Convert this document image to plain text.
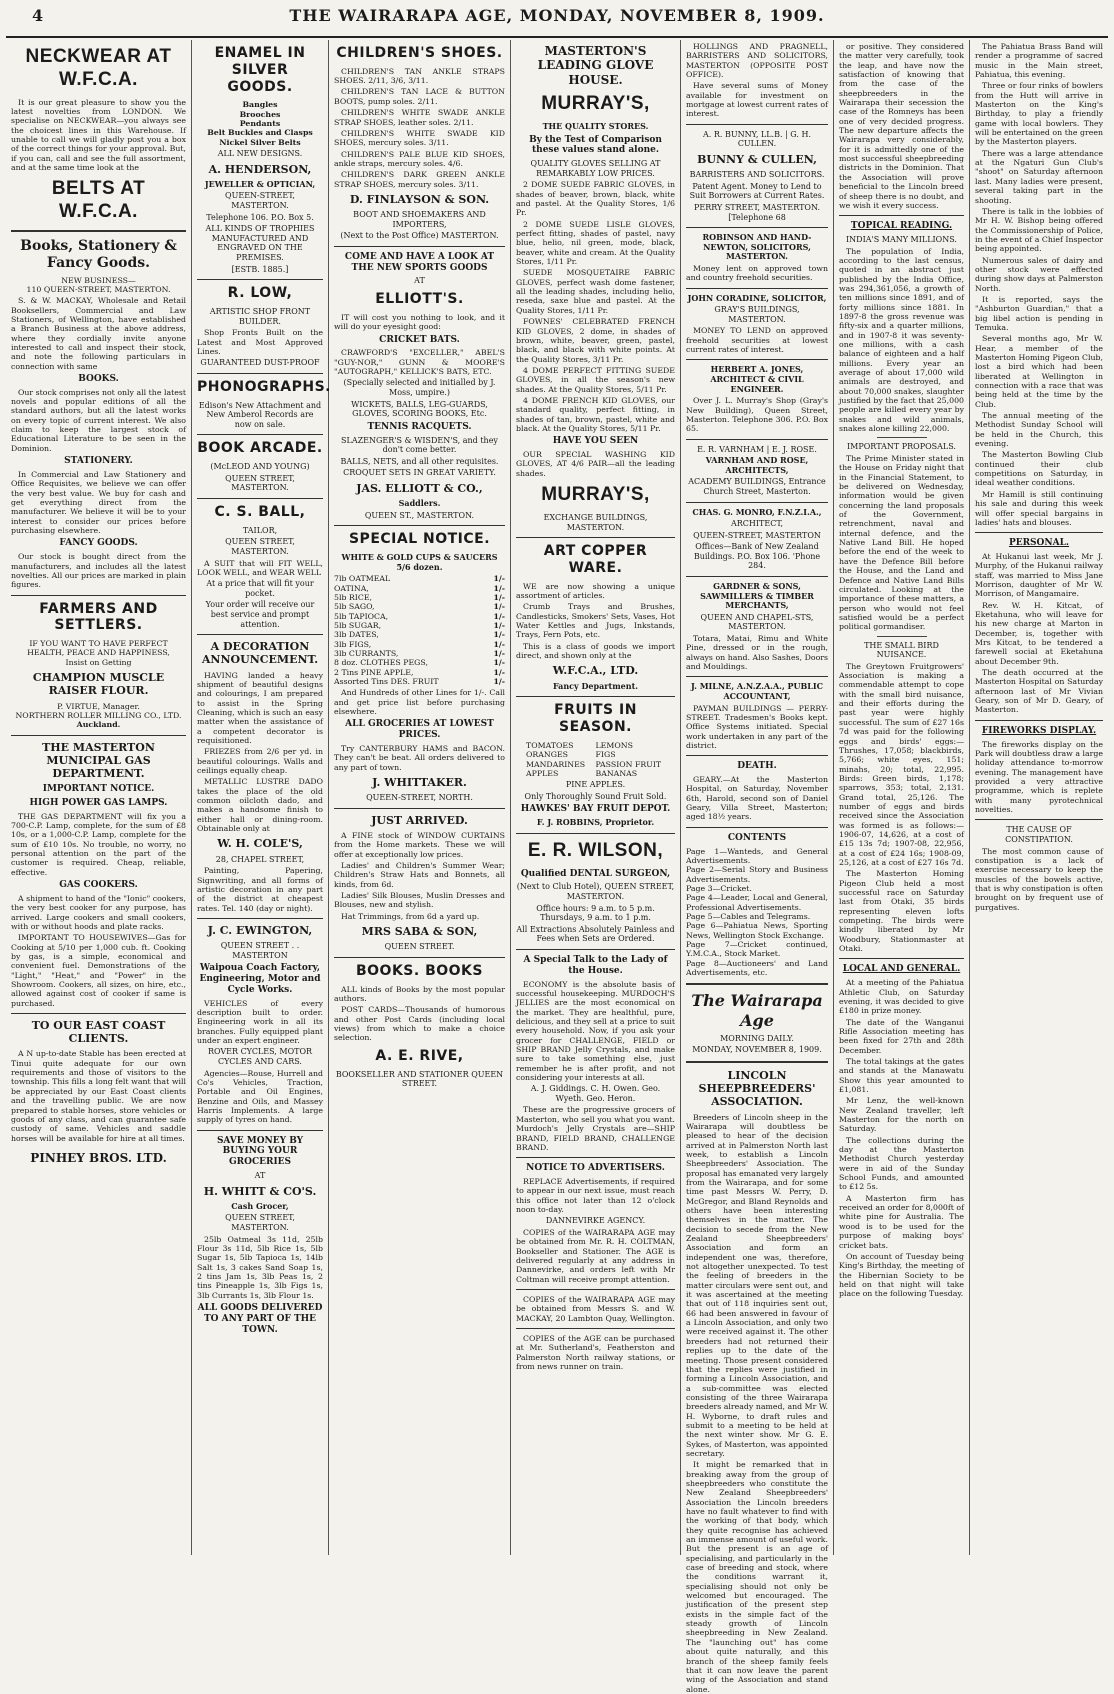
4	THE WAIRARAPA AGE, MONDAY, NOVEMBER 8, 1909.
NECKWEAR AT W.F.C.A.

It is our great pleasure to show you the latest novelties from LONDON. We specialise on NECKWEAR—you always see the choicest lines in this Warehouse. If unable to call we will gladly post you a box of the correct things for your approval. But, if you can, call and see the full assortment, and at the same time look at the

BELTS AT W.F.C.A.
Books, Stationery & Fancy Goods.
NEW BUSINESS—
110 QUEEN-STREET, MASTERTON.

S. & W. MACKAY, Wholesale and Retail Booksellers, Commercial and Law Stationers, of Wellington, have established a Branch Business at the above address, where they cordially invite anyone interested to call and inspect their stock, and note the following particulars in connection with same

BOOKS.

Our stock comprises not only all the latest novels and popular editions of all the standard authors, but all the latest works on every topic of current interest. We also claim to keep the largest stock of Educational Literature to be seen in the Dominion.

STATIONERY.

In Commercial and Law Stationery and Office Requisites, we believe we can offer the very best value. We buy for cash and get everything direct from the manufacturer. We believe it will be to your interest to consider our prices before purchasing elsewhere.

FANCY GOODS.

Our stock is bought direct from the manufacturers, and includes all the latest novelties. All our prices are marked in plain figures.

FARMERS AND SETTLERS.
IF YOU WANT TO HAVE PERFECT HEALTH, PEACE AND HAPPINESS,
Insist on Getting
CHAMPION MUSCLE RAISER FLOUR.
P. VIRTUE, Manager.
NORTHERN ROLLER MILLING CO., LTD.
Auckland.
THE MASTERTON MUNICIPAL GAS DEPARTMENT.
IMPORTANT NOTICE.
HIGH POWER GAS LAMPS.

THE GAS DEPARTMENT will fix you a 700-C.P. Lamp, complete, for the sum of £8 10s, or a 1,000-C.P. Lamp, complete for the sum of £10 10s. No trouble, no worry, no personal attention on the part of the customer is required. Cheap, reliable, effective.

GAS COOKERS.

A shipment to hand of the "Ionic" cookers, the very best cooker for any purpose, has arrived. Large cookers and small cookers, with or without hoods and plate racks.

IMPORTANT TO HOUSEWIVES—Gas for Cooking at 5/10 per 1,000 cub. ft. Cooking by gas, is a simple, economical and convenient fuel. Demonstrations of the "Light," "Heat," and "Power" in the Showroom. Cookers, all sizes, on hire, etc., allowed against cost of cooker if same is purchased.

TO OUR EAST COAST CLIENTS.

A N up-to-date Stable has been erected at Tinui quite adequate for our own requirements and those of visitors to the township. This fills a long felt want that will be appreciated by our East Coast clients and the travelling public. We are now prepared to stable horses, store vehicles or goods of any class, and can guarantee safe custody of same. Vehicles and saddle horses will be available for hire at all times.

PINHEY BROS. LTD.
ENAMEL IN SILVER GOODS.
Bangles
Brooches
Pendants
Belt Buckles and Clasps
Nickel Silver Belts
ALL NEW DESIGNS.
A. HENDERSON,
JEWELLER & OPTICIAN,
QUEEN-STREET, MASTERTON.
Telephone 106. P.O. Box 5.
ALL KINDS OF TROPHIES MANUFACTURED AND ENGRAVED ON THE PREMISES.
[ESTB. 1885.]
R. LOW,
ARTISTIC SHOP FRONT BUILDER.

Shop Fronts Built on the Latest and Most Approved Lines.

GUARANTEED DUST-PROOF
PHONOGRAPHS.
Edison's New Attachment and New Amberol Records are now on sale.
BOOK ARCADE.
(McLEOD AND YOUNG)
QUEEN STREET, MASTERTON.
C. S. BALL,
TAILOR,
QUEEN STREET, MASTERTON.

A SUIT that will FIT WELL, LOOK WELL, and WEAR WELL

At a price that will fit your pocket.
Your order will receive our best service and prompt attention.
A DECORATION ANNOUNCEMENT.

HAVING landed a heavy shipment of beautiful designs and colourings, I am prepared to assist in the Spring Cleaning, which is such an easy matter when the assistance of a competent decorator is requisitioned.

FRIEZES from 2/6 per yd. in beautiful colourings. Walls and ceilings equally cheap.

METALLIC LUSTRE DADO takes the place of the old common oilcloth dado, and makes a handsome finish to either hall or dining-room. Obtainable only at

W. H. COLE'S,
28, CHAPEL STREET,

Painting, Papering, Signwriting, and all forms of artistic decoration in any part of the district at cheapest rates. Tel. 140 (day or night).

J. C. EWINGTON,
QUEEN STREET . . MASTERTON
Waipoua Coach Factory, Engineering, Motor and Cycle Works.

VEHICLES of every description built to order. Engineering work in all its branches. Fully equipped plant under an expert engineer.

ROVER CYCLES, MOTOR CYCLES AND CARS.

Agencies—Rouse, Hurrell and Co's Vehicles, Traction, Portable and Oil Engines, Benzine and Oils, and Massey Harris Implements. A large supply of tyres on hand.

SAVE MONEY BY BUYING YOUR GROCERIES
AT
H. WHITT & CO'S.
Cash Grocer,
QUEEN STREET, MASTERTON.

25lb Oatmeal 3s 11d, 25lb Flour 3s 11d, 5lb Rice 1s, 5lb Sugar 1s, 5lb Tapioca 1s, 14lb Salt 1s, 3 cakes Sand Soap 1s, 2 tins Jam 1s, 3lb Peas 1s, 2 tins Pineapple 1s, 3lb Figs 1s, 3lb Currants 1s, 3lb Flour 1s.

ALL GOODS DELIVERED TO ANY PART OF THE TOWN.
CHILDREN'S SHOES.

CHILDREN'S TAN ANKLE STRAPS SHOES. 2/11, 3/6, 3/11.

CHILDREN'S TAN LACE & BUTTON BOOTS, pump soles. 2/11.

CHILDREN'S WHITE SWADE ANKLE STRAP SHOES, leather soles. 2/11.

CHILDREN'S WHITE SWADE KID SHOES, mercury soles. 3/11.

CHILDREN'S PALE BLUE KID SHOES, ankle straps, mercury soles. 4/6.

CHILDREN'S DARK GREEN ANKLE STRAP SHOES, mercury soles. 3/11.

D. FINLAYSON & SON.
BOOT AND SHOEMAKERS AND IMPORTERS,
(Next to the Post Office) MASTERTON.
COME AND HAVE A LOOK AT THE NEW SPORTS GOODS
AT
ELLIOTT'S.

IT will cost you nothing to look, and it will do your eyesight good:

CRICKET BATS.

CRAWFORD'S "EXCELLER," ABEL'S "GUY-NOR," GUNN & MOORE'S "AUTOGRAPH," KELLICK'S BATS, ETC.

(Specially selected and initialled by J. Moss, umpire.)
WICKETS, BALLS, LEG-GUARDS, GLOVES, SCORING BOOKS, Etc.
TENNIS RACQUETS.
SLAZENGER'S & WISDEN'S, and they don't come better.
BALLS, NETS, and all other requisites.
CROQUET SETS IN GREAT VARIETY.
JAS. ELLIOTT & CO.,
Saddlers.
QUEEN ST., MASTERTON.
SPECIAL NOTICE.
WHITE & GOLD CUPS & SAUCERS 5/6 dozen.
7lb OATMEAL	1/-
OATINA,	1/-
5lb RICE,	1/-
5lb SAGO,	1/-
5lb TAPIOCA,	1/-
5lb SUGAR,	1/-
3lb DATES,	1/-
3lb FIGS,	1/-
3lb CURRANTS,	1/-
8 doz. CLOTHES PEGS,	1/-
2 Tins PINE APPLE,	1/-
Assorted Tins DES. FRUIT	1/-

And Hundreds of other Lines for 1/-. Call and get price list before purchasing elsewhere.

ALL GROCERIES AT LOWEST PRICES.

Try CANTERBURY HAMS and BACON. They can't be beat. All orders delivered to any part of town.

J. WHITTAKER.
QUEEN-STREET, NORTH.
JUST ARRIVED.

A FINE stock of WINDOW CURTAINS from the Home markets. These we will offer at exceptionally low prices.

Ladies' and Children's Summer Wear; Children's Straw Hats and Bonnets, all kinds, from 6d.

Ladies' Silk Blouses, Muslin Dresses and Blouses, new and stylish.

Hat Trimmings, from 6d a yard up.

MRS SABA & SON,
QUEEN STREET.
BOOKS. BOOKS

ALL kinds of Books by the most popular authors.

POST CARDS—Thousands of humorous and other Post Cards (including local views) from which to make a choice selection.

A. E. RIVE,
BOOKSELLER AND STATIONER QUEEN STREET.
MASTERTON'S LEADING GLOVE HOUSE.
MURRAY'S,
THE QUALITY STORES.
By the Test of Comparison these values stand alone.
QUALITY GLOVES SELLING AT REMARKABLY LOW PRICES.

2 DOME SUEDE FABRIC GLOVES, in shades of beaver, brown, black, white and pastel. At the Quality Stores, 1/6 Pr.

2 DOME SUEDE LISLE GLOVES, perfect fitting, shades of pastel, navy blue, helio, nil green, mode, black, beaver, white and cream. At the Quality Stores, 1/11 Pr.

SUEDE MOSQUETAIRE FABRIC GLOVES, perfect wash dome fastener, all the leading shades, including helio, reseda, saxe blue and pastel. At the Quality Stores, 1/11 Pr.

FOWNES' CELEBRATED FRENCH KID GLOVES, 2 dome, in shades of brown, white, beaver, green, pastel, black, and black with white points. At the Quality Stores, 3/11 Pr.

4 DOME PERFECT FITTING SUEDE GLOVES, in all the season's new shades. At the Quality Stores, 5/11 Pr.

4 DOME FRENCH KID GLOVES, our standard quality, perfect fitting, in shades of tan, brown, pastel, white and black. At the Quality Stores, 5/11 Pr.

HAVE YOU SEEN

OUR SPECIAL WASHING KID GLOVES, AT 4/6 PAIR—all the leading shades.

MURRAY'S,
EXCHANGE BUILDINGS, MASTERTON.
ART COPPER WARE.

WE are now showing a unique assortment of articles.

Crumb Trays and Brushes, Candlesticks, Smokers' Sets, Vases, Hot Water Kettles and Jugs, Inkstands, Trays, Fern Pots, etc.

This is a class of goods we import direct, and shown only at the

W.F.C.A., LTD.
Fancy Department.
FRUITS IN SEASON.
TOMATOES	LEMONS
ORANGES	FIGS
MANDARINES	PASSION FRUIT
APPLES	BANANAS
PINE APPLES.
Only Thoroughly Sound Fruit Sold.
HAWKES' BAY FRUIT DEPOT.
F. J. ROBBINS, Proprietor.
E. R. WILSON,
Qualified DENTAL SURGEON,
(Next to Club Hotel), QUEEN STREET, MASTERTON.
Office hours: 9 a.m. to 5 p.m. Thursdays, 9 a.m. to 1 p.m.
All Extractions Absolutely Painless and Fees when Sets are Ordered.
A Special Talk to the Lady of the House.

ECONOMY is the absolute basis of successful housekeeping. MURDOCH'S JELLIES are the most economical on the market. They are healthful, pure, delicious, and they sell at a price to suit every household. Now, if you ask your grocer for CHALLENGE, FIELD or SHIP BRAND Jelly Crystals, and make sure to take something else, just remember he is after profit, and not considering your interests at all.

A. J. Giddings. C. H. Owen. Geo. Wyeth. Geo. Heron.

These are the progressive grocers of Masterton, who sell you what you want. Murdoch's Jelly Crystals are—SHIP BRAND, FIELD BRAND, CHALLENGE BRAND.

NOTICE TO ADVERTISERS.

REPLACE Advertisements, if required to appear in our next issue, must reach this office not later than 12 o'clock noon to-day.

DANNEVIRKE AGENCY.

COPIES of the WAIRARAPA AGE may be obtained from Mr. R. H. COLTMAN, Bookseller and Stationer. The AGE is delivered regularly at any address in Dannevirke, and orders left with Mr Coltman will receive prompt attention.

COPIES of the WAIRARAPA AGE may be obtained from Messrs S. and W. MACKAY, 20 Lambton Quay, Wellington.

COPIES of the AGE can be purchased at Mr. Sutherland's, Featherston and Palmerston North railway stations, or from news runner on train.

HOLLINGS AND PRAGNELL, BARRISTERS AND SOLICITORS, MASTERTON (OPPOSITE POST OFFICE).

Have several sums of Money available for investment on mortgage at lowest current rates of interest.

A. R. BUNNY, LL.B. | G. H. CULLEN.
BUNNY & CULLEN,
BARRISTERS AND SOLICITORS.
Patent Agent. Money to Lend to Suit Borrowers at Current Rates.
PERRY STREET, MASTERTON. [Telephone 68
ROBINSON AND HAND-NEWTON, SOLICITORS, MASTERTON.

Money lent on approved town and country freehold securities.

JOHN CORADINE, SOLICITOR,
GRAY'S BUILDINGS, MASTERTON.

MONEY TO LEND on approved freehold securities at lowest current rates of interest.

HERBERT A. JONES, ARCHITECT & CIVIL ENGINEER.

Over J. L. Murray's Shop (Gray's New Building), Queen Street, Masterton. Telephone 306. P.O. Box 65.

E. R. VARNHAM | E. J. ROSE.
VARNHAM AND ROSE, ARCHITECTS,
ACADEMY BUILDINGS, Entrance Church Street, Masterton.
CHAS. G. MONRO, F.N.Z.I.A.,
ARCHITECT,
QUEEN-STREET, MASTERTON
Offices—Bank of New Zealand Buildings. P.O. Box 106. 'Phone 284.
GARDNER & SONS, SAWMILLERS & TIMBER MERCHANTS,
QUEEN AND CHAPEL-STS, MASTERTON.

Totara, Matai, Rimu and White Pine, dressed or in the rough, always on hand. Also Sashes, Doors and Mouldings.

J. MILNE, A.N.Z.A.A., PUBLIC ACCOUNTANT,

PAYMAN BUILDINGS — PERRY-STREET. Tradesmen's Books kept. Office Systems initiated. Special work undertaken in any part of the district.

DEATH.

GEARY.—At the Masterton Hospital, on Saturday, November 6th, Harold, second son of Daniel Geary, Villa Street, Masterton; aged 18½ years.

CONTENTS
Page 1—Wanteds, and General Advertisements.
Page 2—Serial Story and Business Advertisements.
Page 3—Cricket.
Page 4—Leader, Local and General, Professional Advertisements.
Page 5—Cables and Telegrams.
Page 6—Pahiatua News, Sporting News, Wellington Stock Exchange.
Page 7—Cricket continued, Y.M.C.A., Stock Market.
Page 8—Auctioneers' and Land Advertisements, etc.
The Wairarapa Age
MORNING DAILY.
MONDAY, NOVEMBER 8, 1909.
LINCOLN SHEEPBREEDERS' ASSOCIATION.

Breeders of Lincoln sheep in the Wairarapa will doubtless be pleased to hear of the decision arrived at in Palmerston North last week, to establish a Lincoln Sheepbreeders' Association. The proposal has emanated very largely from the Wairarapa, and for some time past Messrs W. Perry, D. McGregor, and Bland Reynolds and others have been interesting themselves in the matter. The decision to secede from the New Zealand Sheepbreeders' Association and form an independent one was, therefore, not altogether unexpected. To test the feeling of breeders in the matter circulars were sent out, and it was ascertained at the meeting that out of 118 inquiries sent out, 66 had been answered in favour of a Lincoln Association, and only two were received against it. The other breeders had not returned their replies up to the date of the meeting. Those present considered that the replies were justified in forming a Lincoln Association, and a sub-committee was elected consisting of the three Wairarapa breeders already named, and Mr W. H. Wyborne, to draft rules and submit to a meeting to be held at the next winter show. Mr G. E. Sykes, of Masterton, was appointed secretary.

It might be remarked that in breaking away from the group of sheepbreeders who constitute the New Zealand Sheepbreeders' Association the Lincoln breeders have no fault whatever to find with the working of that body, which they quite recognise has achieved an immense amount of useful work. But the present is an age of specialising, and particularly in the case of breeding and stock, where the conditions warrant it, specialising should not only be welcomed but encouraged. The justification of the present step exists in the simple fact of the steady growth of Lincoln sheepbreeding in New Zealand. The "launching out" has come about quite naturally, and this branch of the sheep family feels that it can now leave the parent wing of the Association and stand alone.

or positive. They considered the matter very carefully, took the leap, and have now the satisfaction of knowing that from the case of the sheepbreeders in the Wairarapa their secession the case of the Romneys has been one of very decided progress. The new departure affects the Wairarapa very considerably, for it is admittedly one of the most successful sheepbreeding districts in the Dominion. That the Association will prove beneficial to the Lincoln breed of sheep there is no doubt, and we wish it every success.

TOPICAL READING.
INDIA'S MANY MILLIONS.

The population of India, according to the last census, quoted in an abstract just published by the India Office, was 294,361,056, a growth of ten millions since 1891, and of forty millions since 1881. In 1897-8 the gross revenue was fifty-six and a quarter millions, and in 1907-8 it was seventy-one millions, with a cash balance of eighteen and a half millions. Every year an average of about 17,000 wild animals are destroyed, and about 70,000 snakes, slaughter justified by the fact that 25,000 people are killed every year by snakes and wild animals, snakes alone killing 22,000.

IMPORTANT PROPOSALS.

The Prime Minister stated in the House on Friday night that in the Financial Statement, to be delivered on Wednesday, information would be given concerning the land proposals of the Government, retrenchment, naval and internal defence, and the Native Land Bill. He hoped before the end of the week to have the Defence Bill before the House, and the Land and Defence and Native Land Bills circulated. Looking at the importance of these matters, a person who would not feel satisfied would be a perfect political gormandiser.

THE SMALL BIRD NUISANCE.

The Greytown Fruitgrowers' Association is making a commendable attempt to cope with the small bird nuisance, and their efforts during the past year were highly successful. The sum of £27 16s 7d was paid for the following eggs and birds' eggs:—Thrushes, 17,058; blackbirds, 5,766; white eyes, 151; minahs, 20; total, 22,995. Birds: Green birds, 1,178; sparrows, 353; total, 2,131. Grand total, 25,126. The number of eggs and birds received since the Association was formed is as follows:—1906-07, 14,626, at a cost of £15 13s 7d; 1907-08, 22,956, at a cost of £24 16s; 1908-09, 25,126, at a cost of £27 16s 7d.

The Masterton Homing Pigeon Club held a most successful race on Saturday last from Otaki, 35 birds representing eleven lofts competing. The birds were kindly liberated by Mr Woodbury, Stationmaster at Otaki.

LOCAL AND GENERAL.

At a meeting of the Pahiatua Athletic Club, on Saturday evening, it was decided to give £180 in prize money.

The date of the Wanganui Rifle Association meeting has been fixed for 27th and 28th December.

The total takings at the gates and stands at the Manawatu Show this year amounted to £1,081.

Mr Lenz, the well-known New Zealand traveller, left Masterton for the north on Saturday.

The collections during the day at the Masterton Methodist Church yesterday were in aid of the Sunday School Funds, and amounted to £12 5s.

A Masterton firm has received an order for 8,000ft of white pine for Australia. The wood is to be used for the purpose of making boys' cricket bats.

On account of Tuesday being King's Birthday, the meeting of the Hibernian Society to be held on that night will take place on the following Tuesday.

The Pahiatua Brass Band will render a programme of sacred music in the Main street, Pahiatua, this evening.

Three or four rinks of bowlers from the Hutt will arrive in Masterton on the King's Birthday, to play a friendly game with local bowlers. They will be entertained on the green by the Masterton players.

There was a large attendance at the Ngaturi Gun Club's "shoot" on Saturday afternoon last. Many ladies were present, several taking part in the shooting.

There is talk in the lobbies of Mr H. W. Bishop being offered the Commissionership of Police, in the event of a Chief Inspector being appointed.

Numerous sales of dairy and other stock were effected during show days at Palmerston North.

It is reported, says the "Ashburton Guardian," that a big libel action is pending in Temuka.

Several months ago, Mr W. Hear, a member of the Masterton Homing Pigeon Club, lost a bird which had been liberated at Wellington in connection with a race that was being held at the time by the Club.

The annual meeting of the Methodist Sunday School will be held in the Church, this evening.

The Masterton Bowling Club continued their club competitions on Saturday, in ideal weather conditions.

Mr Hamill is still continuing his sale and during this week will offer special bargains in ladies' hats and blouses.

PERSONAL.

At Hukanui last week, Mr J. Murphy, of the Hukanui railway staff, was married to Miss Jane Morrison, daughter of Mr W. Morrison, of Mangamaire.

Rev. W. H. Kitcat, of Eketahuna, who will leave for his new charge at Marton in December, is, together with Mrs Kitcat, to be tendered a farewell social at Eketahuna about December 9th.

The death occurred at the Masterton Hospital on Saturday afternoon last of Mr Vivian Geary, son of Mr D. Geary, of Masterton.

FIREWORKS DISPLAY.

The fireworks display on the Park will doubtless draw a large holiday attendance to-morrow evening. The management have provided a very attractive programme, which is replete with many pyrotechnical novelties.

THE CAUSE OF CONSTIPATION.

The most common cause of constipation is a lack of exercise necessary to keep the muscles of the bowels active, that is why constipation is often brought on by frequent use of purgatives.
